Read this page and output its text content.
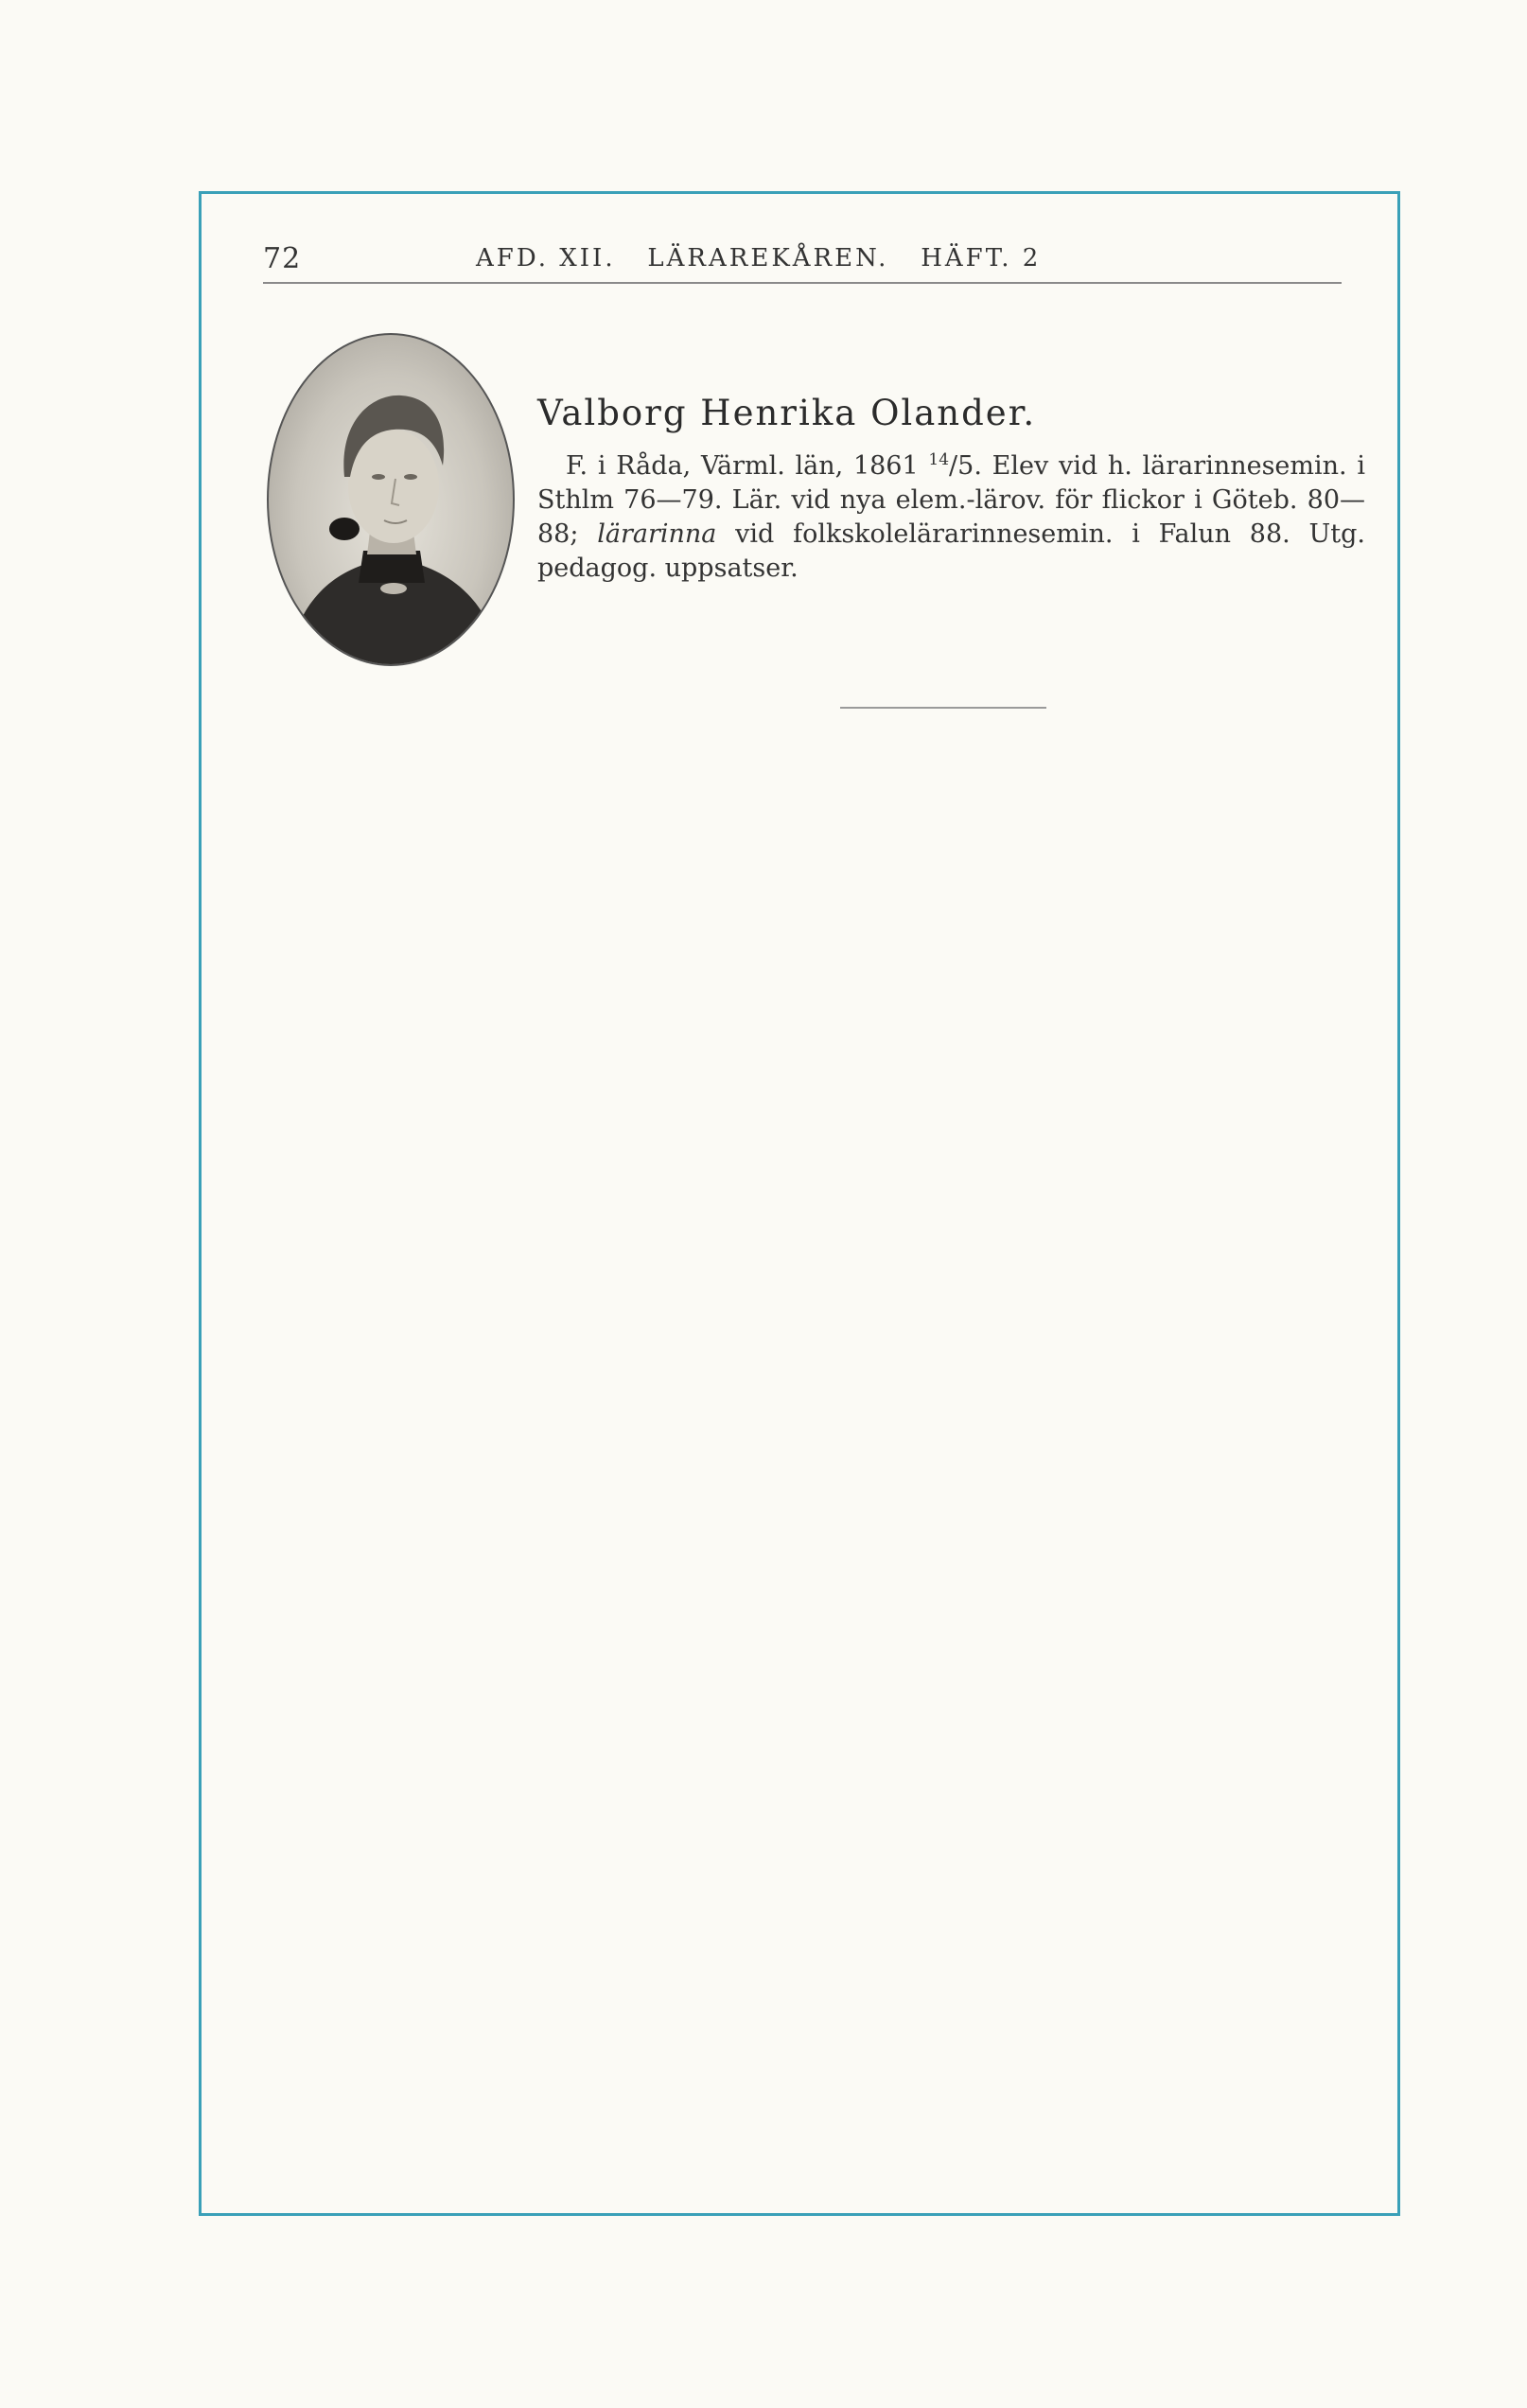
72	AFD. XII.   LÄRAREKÅREN.   HÄFT. 2
Valborg Henrika Olander.

F. i Råda, Värml. län, 1861 $^{14}$/5. Elev vid h. lärarinnesemin. i Sthlm 76—79. Lär. vid nya elem.-lärov. för flickor i Göteb. 80—88; lärarinna vid folkskolelärarinnesemin. i Falun 88. Utg. pedagog. uppsatser.
